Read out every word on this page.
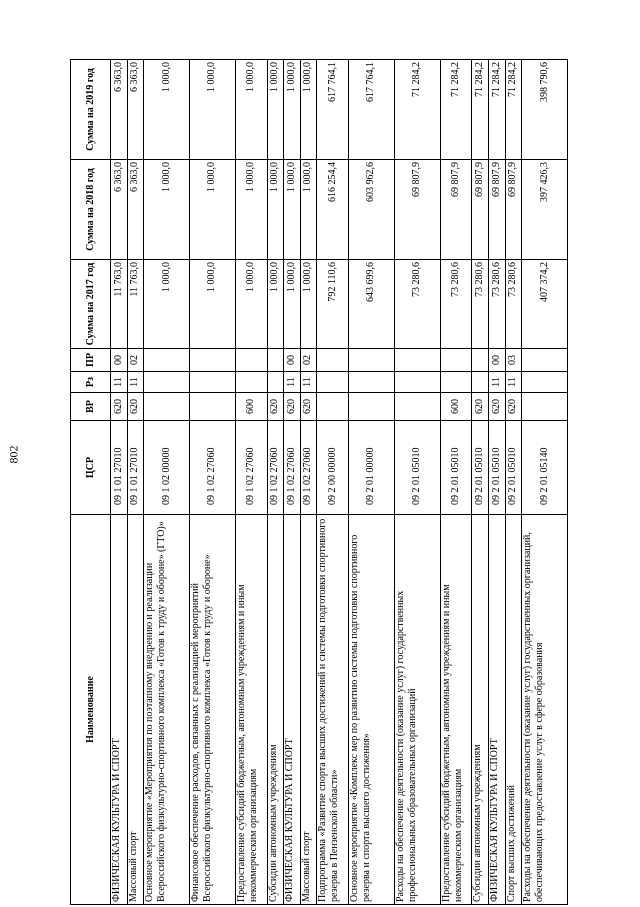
802
Наименование	ЦСР	ВР	Рз	ПР	Сумма на 2017 год	Сумма на 2018 год	Сумма на 2019 год
ФИЗИЧЕСКАЯ КУЛЬТУРА И СПОРТ	09 1 01 27010	620	11	00	11 763,0	6 363,0	6 363,0
Массовый спорт	09 1 01 27010	620	11	02	11 763,0	6 363,0	6 363,0
Основное мероприятие «Мероприятия по поэтапному внедрению и реализации Всероссийского физкультурно-спортивного комплекса «Готов к труду и обороне» (ГТО)»	09 1 02 00000				1 000,0	1 000,0	1 000,0
Финансовое обеспечение расходов, связанных с реализацией мероприятий Всероссийского физкультурно-спортивного комплекса «Готов к труду и обороне»	09 1 02 27060				1 000,0	1 000,0	1 000,0
Предоставление субсидий бюджетным, автономным учреждениям и иным некоммерческим организациям	09 1 02 27060	600			1 000,0	1 000,0	1 000,0
Субсидии автономным учреждениям	09 1 02 27060	620			1 000,0	1 000,0	1 000,0
ФИЗИЧЕСКАЯ КУЛЬТУРА И СПОРТ	09 1 02 27060	620	11	00	1 000,0	1 000,0	1 000,0
Массовый спорт	09 1 02 27060	620	11	02	1 000,0	1 000,0	1 000,0
Подпрограмма «Развитие спорта высших достижений и системы подготовки спортивного резерва в Пензенской области»	09 2 00 00000				792 110,6	616 254,4	617 764,1
Основное мероприятие «Комплекс мер по развитию системы подготовки спортивного резерва и спорта высшего достижения»	09 2 01 00000				643 699,6	603 962,6	617 764,1
Расходы на обеспечение деятельности (оказание услуг) государственных профессиональных образовательных организаций	09 2 01 05010				73 280,6	69 807,9	71 284,2
Предоставление субсидий бюджетным, автономным учреждениям и иным некоммерческим организациям	09 2 01 05010	600			73 280,6	69 807,9	71 284,2
Субсидии автономным учреждениям	09 2 01 05010	620			73 280,6	69 807,9	71 284,2
ФИЗИЧЕСКАЯ КУЛЬТУРА И СПОРТ	09 2 01 05010	620	11	00	73 280,6	69 807,9	71 284,2
Спорт высших достижений	09 2 01 05010	620	11	03	73 280,6	69 807,9	71 284,2
Расходы на обеспечение деятельности (оказание услуг) государственных организаций, обеспечивающих предоставление услуг в сфере образования	09 2 01 05140				407 374,2	397 426,3	398 790,6
